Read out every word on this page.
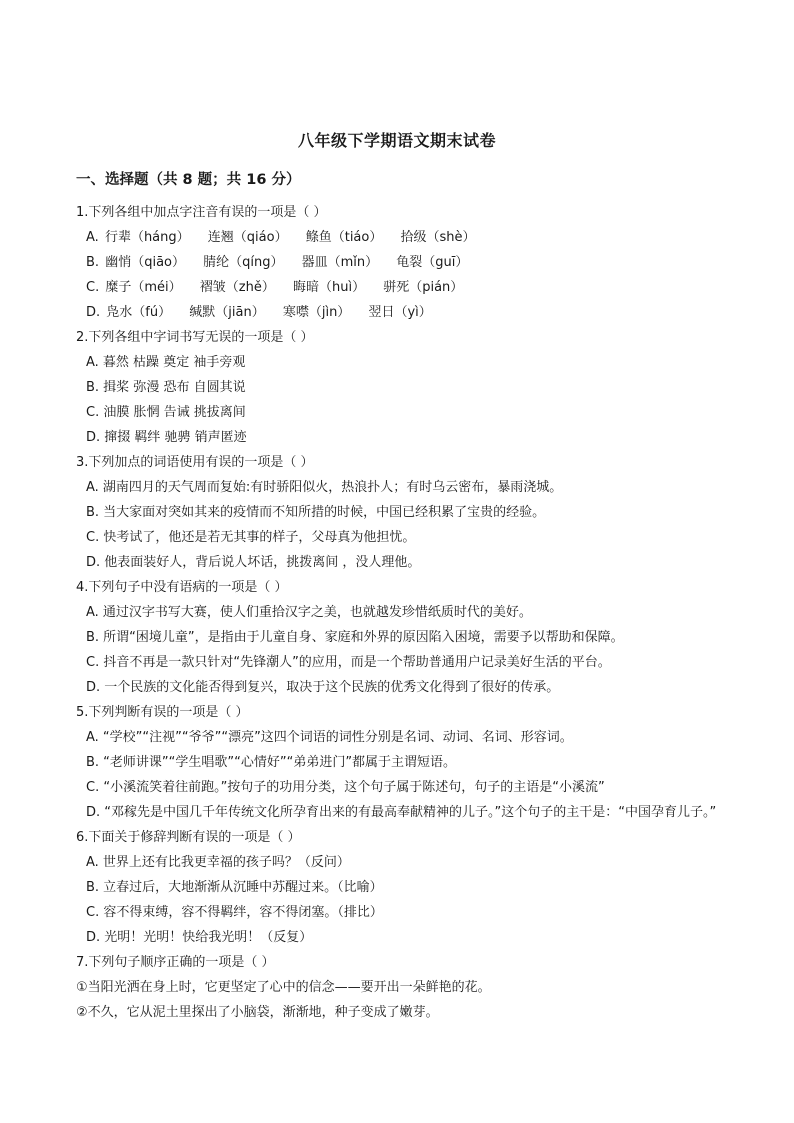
八年级下学期语文期末试卷
一、选择题（共 8 题；共 16 分）
1.下列各组中加点字注音有误的一项是（ ）
A. 行辈（háng） 连翘（qiáo） 鲦鱼（tiáo） 拾级（shè）
B. 幽悄（qiāo） 腈纶（qíng） 器皿（mǐn） 龟裂（guī）
C. 糜子（méi） 褶皱（zhě） 晦暗（huì） 骈死（pián）
D. 凫水（fú） 缄默（jiān） 寒噤（jìn） 翌日（yì）
2.下列各组中字词书写无误的一项是（ ）
A. 暮然 枯躁 奠定 袖手旁观
B. 揖桨 弥漫 恐布 自圆其说
C. 油膜 胀惘 告诫 挑拔离间
D. 撺掇 羁绊 驰骋 销声匿迹
3.下列加点的词语使用有误的一项是（ ）
A. 湖南四月的天气周而复始:有时骄阳似火，热浪扑人；有时乌云密布，暴雨浇城。
B. 当大家面对突如其来的疫情而不知所措的时候，中国已经积累了宝贵的经验。
C. 快考试了，他还是若无其事的样子，父母真为他担忧。
D. 他表面装好人，背后说人坏话，挑拨离间 ，没人理他。
4.下列句子中没有语病的一项是（ ）
A. 通过汉字书写大赛，使人们重拾汉字之美，也就越发珍惜纸质时代的美好。
B. 所谓“困境儿童”，是指由于儿童自身、家庭和外界的原因陷入困境，需要予以帮助和保障。
C. 抖音不再是一款只针对“先锋潮人”的应用，而是一个帮助普通用户记录美好生活的平台。
D. 一个民族的文化能否得到复兴，取决于这个民族的优秀文化得到了很好的传承。
5.下列判断有误的一项是（ ）
A. “学校”“注视”“爷爷”“漂亮”这四个词语的词性分别是名词、动词、名词、形容词。
B. “老师讲课”“学生唱歌”“心情好”“弟弟进门”都属于主谓短语。
C. “小溪流笑着往前跑。”按句子的功用分类，这个句子属于陈述句，句子的主语是“小溪流”
D. “邓稼先是中国几千年传统文化所孕育出来的有最高奉献精神的儿子。”这个句子的主干是：“中国孕育儿子。”
6.下面关于修辞判断有误的一项是（ ）
A. 世界上还有比我更幸福的孩子吗？（反问）
B. 立春过后，大地渐渐从沉睡中苏醒过来。（比喻）
C. 容不得束缚，容不得羁绊，容不得闭塞。（排比）
D. 光明！光明！快给我光明！（反复）
7.下列句子顺序正确的一项是（ ）
①当阳光洒在身上时，它更坚定了心中的信念——要开出一朵鲜艳的花。
②不久，它从泥土里探出了小脑袋，渐渐地，种子变成了嫩芽。
